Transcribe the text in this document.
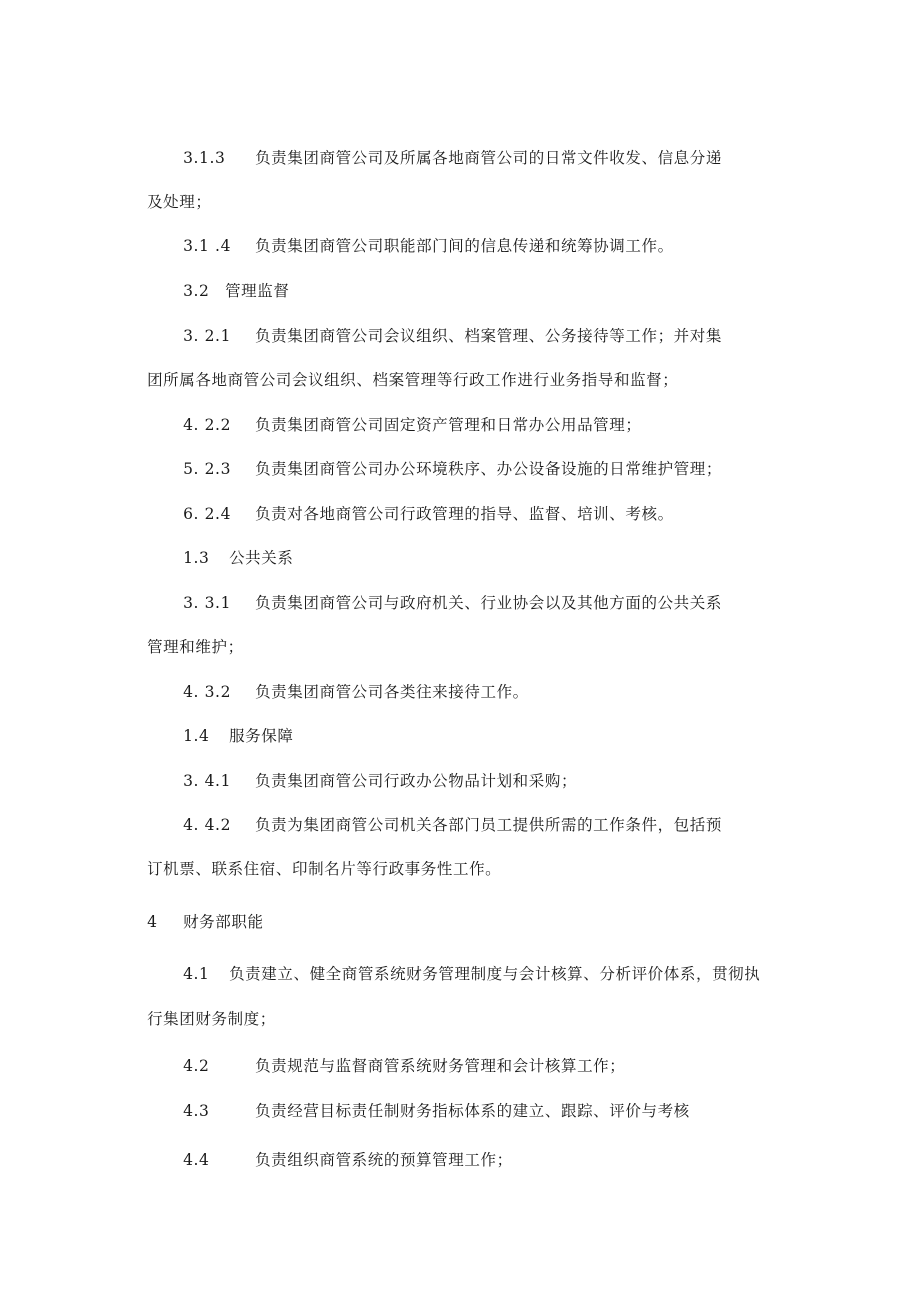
3.1.3 负责集团商管公司及所属各地商管公司的日常文件收发、信息分递

及处理；

3.1 .4 负责集团商管公司职能部门间的信息传递和统筹协调工作。

3.2 管理监督

3. 2.1 负责集团商管公司会议组织、档案管理、公务接待等工作；并对集

团所属各地商管公司会议组织、档案管理等行政工作进行业务指导和监督；

4. 2.2 负责集团商管公司固定资产管理和日常办公用品管理；

5. 2.3 负责集团商管公司办公环境秩序、办公设备设施的日常维护管理；

6. 2.4 负责对各地商管公司行政管理的指导、监督、培训、考核。

1.3 公共关系

3. 3.1 负责集团商管公司与政府机关、行业协会以及其他方面的公共关系

管理和维护；

4. 3.2 负责集团商管公司各类往来接待工作。

1.4 服务保障

3. 4.1 负责集团商管公司行政办公物品计划和采购；

4. 4.2 负责为集团商管公司机关各部门员工提供所需的工作条件，包括预

订机票、联系住宿、印制名片等行政事务性工作。

4 财务部职能

4.1 负责建立、健全商管系统财务管理制度与会计核算、分析评价体系，贯彻执

行集团财务制度；

4.2	负责规范与监督商管系统财务管理和会计核算工作；

4.3	负责经营目标责任制财务指标体系的建立、跟踪、评价与考核

4.4	负责组织商管系统的预算管理工作；
